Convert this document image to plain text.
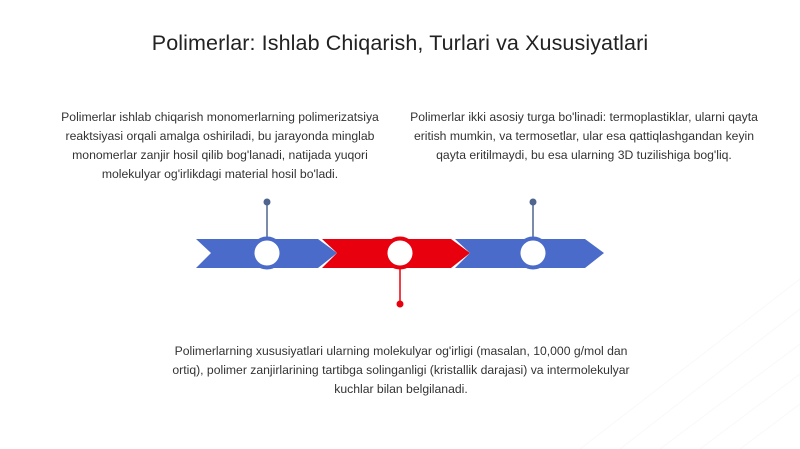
Polimerlar: Ishlab Chiqarish, Turlari va Xususiyatlari
Polimerlar ishlab chiqarish monomerlarning polimerizatsiya reaktsiyasi orqali amalga oshiriladi, bu jarayonda minglab monomerlar zanjir hosil qilib bog'lanadi, natijada yuqori molekulyar og'irlikdagi material hosil bo'ladi.
Polimerlar ikki asosiy turga bo'linadi: termoplastiklar, ularni qayta eritish mumkin, va termosetlar, ular esa qattiqlashgandan keyin qayta eritilmaydi, bu esa ularning 3D tuzilishiga bog'liq.
Polimerlarning xususiyatlari ularning molekulyar og'irligi (masalan, 10,000 g/mol dan ortiq), polimer zanjirlarining tartibga solinganligi (kristallik darajasi) va intermolekulyar kuchlar bilan belgilanadi.
